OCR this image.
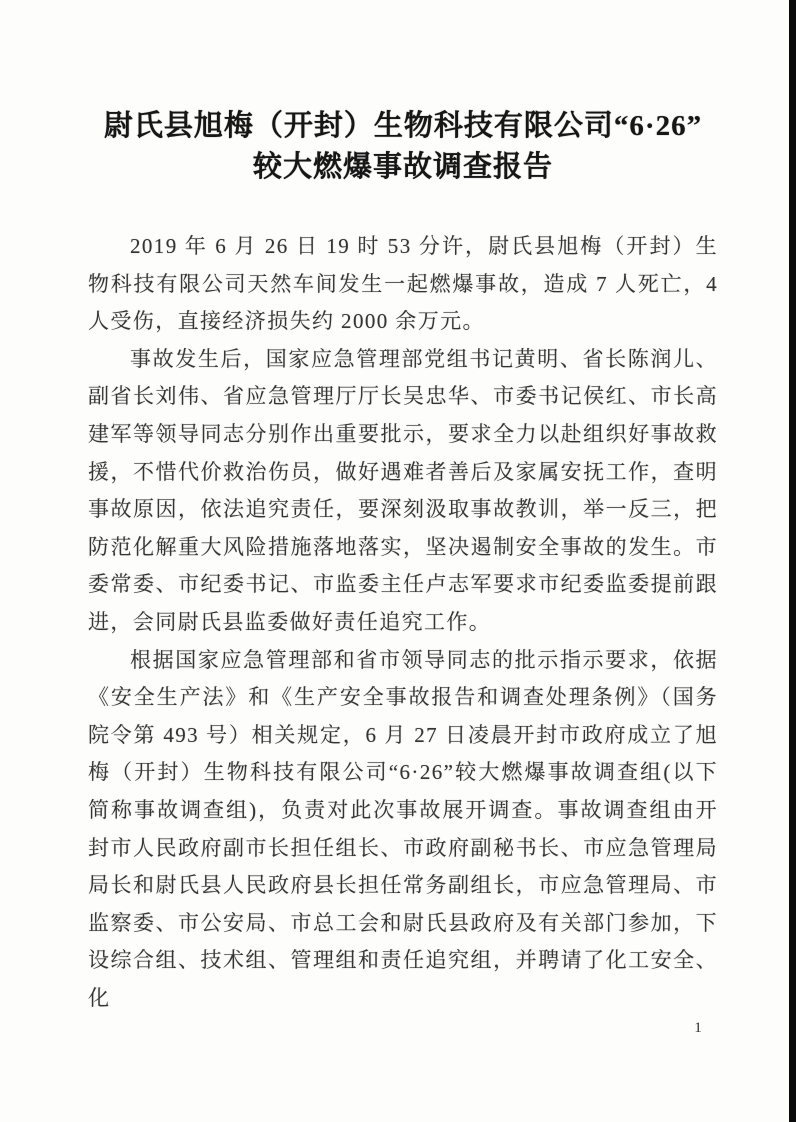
尉氏县旭梅（开封）生物科技有限公司“6·26”
较大燃爆事故调查报告

2019 年 6 月 26 日 19 时 53 分许，尉氏县旭梅（开封）生物科技有限公司天然车间发生一起燃爆事故，造成 7 人死亡，4 人受伤，直接经济损失约 2000 余万元。

事故发生后，国家应急管理部党组书记黄明、省长陈润儿、副省长刘伟、省应急管理厅厅长吴忠华、市委书记侯红、市长高建军等领导同志分别作出重要批示，要求全力以赴组织好事故救援，不惜代价救治伤员，做好遇难者善后及家属安抚工作，查明事故原因，依法追究责任，要深刻汲取事故教训，举一反三，把防范化解重大风险措施落地落实，坚决遏制安全事故的发生。市委常委、市纪委书记、市监委主任卢志军要求市纪委监委提前跟进，会同尉氏县监委做好责任追究工作。

根据国家应急管理部和省市领导同志的批示指示要求，依据《安全生产法》和《生产安全事故报告和调查处理条例》（国务院令第 493 号）相关规定，6 月 27 日凌晨开封市政府成立了旭梅（开封）生物科技有限公司“6·26”较大燃爆事故调查组(以下简称事故调查组)，负责对此次事故展开调查。事故调查组由开封市人民政府副市长担任组长、市政府副秘书长、市应急管理局局长和尉氏县人民政府县长担任常务副组长，市应急管理局、市监察委、市公安局、市总工会和尉氏县政府及有关部门参加，下设综合组、技术组、管理组和责任追究组，并聘请了化工安全、化

1
